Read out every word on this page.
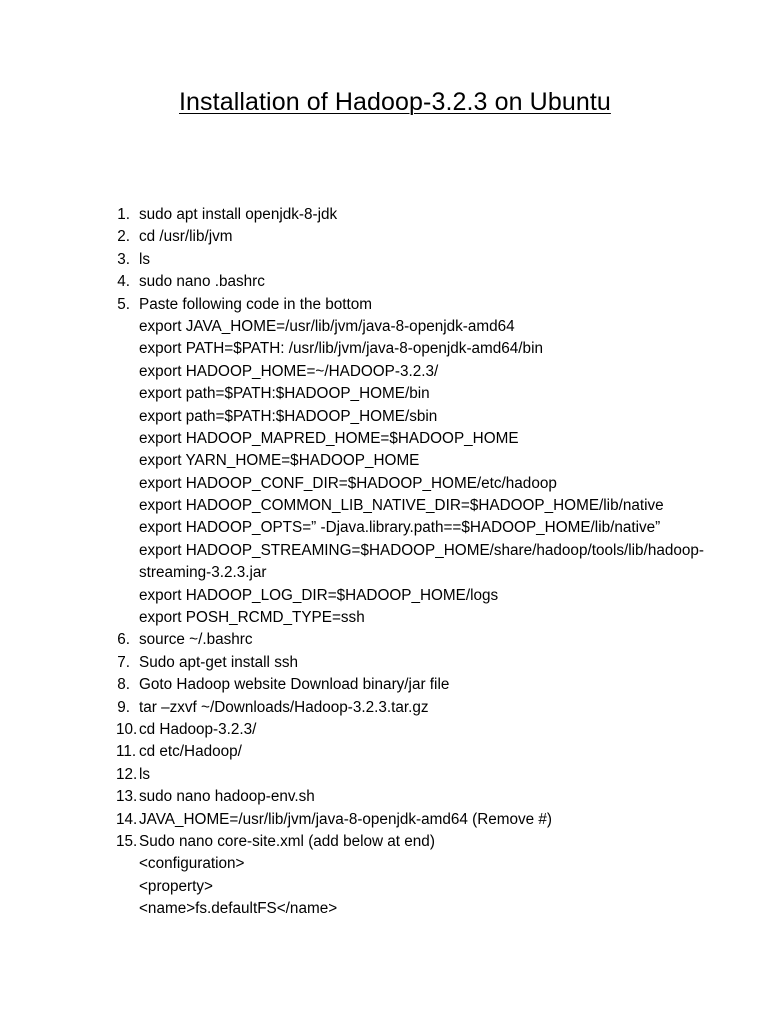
Installation of Hadoop-3.2.3 on Ubuntu
1. sudo apt install openjdk-8-jdk
2. cd /usr/lib/jvm
3. ls
4. sudo nano .bashrc
5. Paste following code in the bottom
export JAVA_HOME=/usr/lib/jvm/java-8-openjdk-amd64
export PATH=$PATH: /usr/lib/jvm/java-8-openjdk-amd64/bin
export HADOOP_HOME=~/HADOOP-3.2.3/
export path=$PATH:$HADOOP_HOME/bin
export path=$PATH:$HADOOP_HOME/sbin
export HADOOP_MAPRED_HOME=$HADOOP_HOME
export YARN_HOME=$HADOOP_HOME
export HADOOP_CONF_DIR=$HADOOP_HOME/etc/hadoop
export HADOOP_COMMON_LIB_NATIVE_DIR=$HADOOP_HOME/lib/native
export HADOOP_OPTS=” -Djava.library.path==$HADOOP_HOME/lib/native”
export HADOOP_STREAMING=$HADOOP_HOME/share/hadoop/tools/lib/hadoop-
streaming-3.2.3.jar
export HADOOP_LOG_DIR=$HADOOP_HOME/logs
export POSH_RCMD_TYPE=ssh
6. source ~/.bashrc
7. Sudo apt-get install ssh
8. Goto Hadoop website Download binary/jar file
9. tar –zxvf ~/Downloads/Hadoop-3.2.3.tar.gz
10. cd Hadoop-3.2.3/
11. cd etc/Hadoop/
12. ls
13. sudo nano hadoop-env.sh
14. JAVA_HOME=/usr/lib/jvm/java-8-openjdk-amd64 (Remove #)
15. Sudo nano core-site.xml (add below at end)
<configuration>
<property>
<name>fs.defaultFS</name>
